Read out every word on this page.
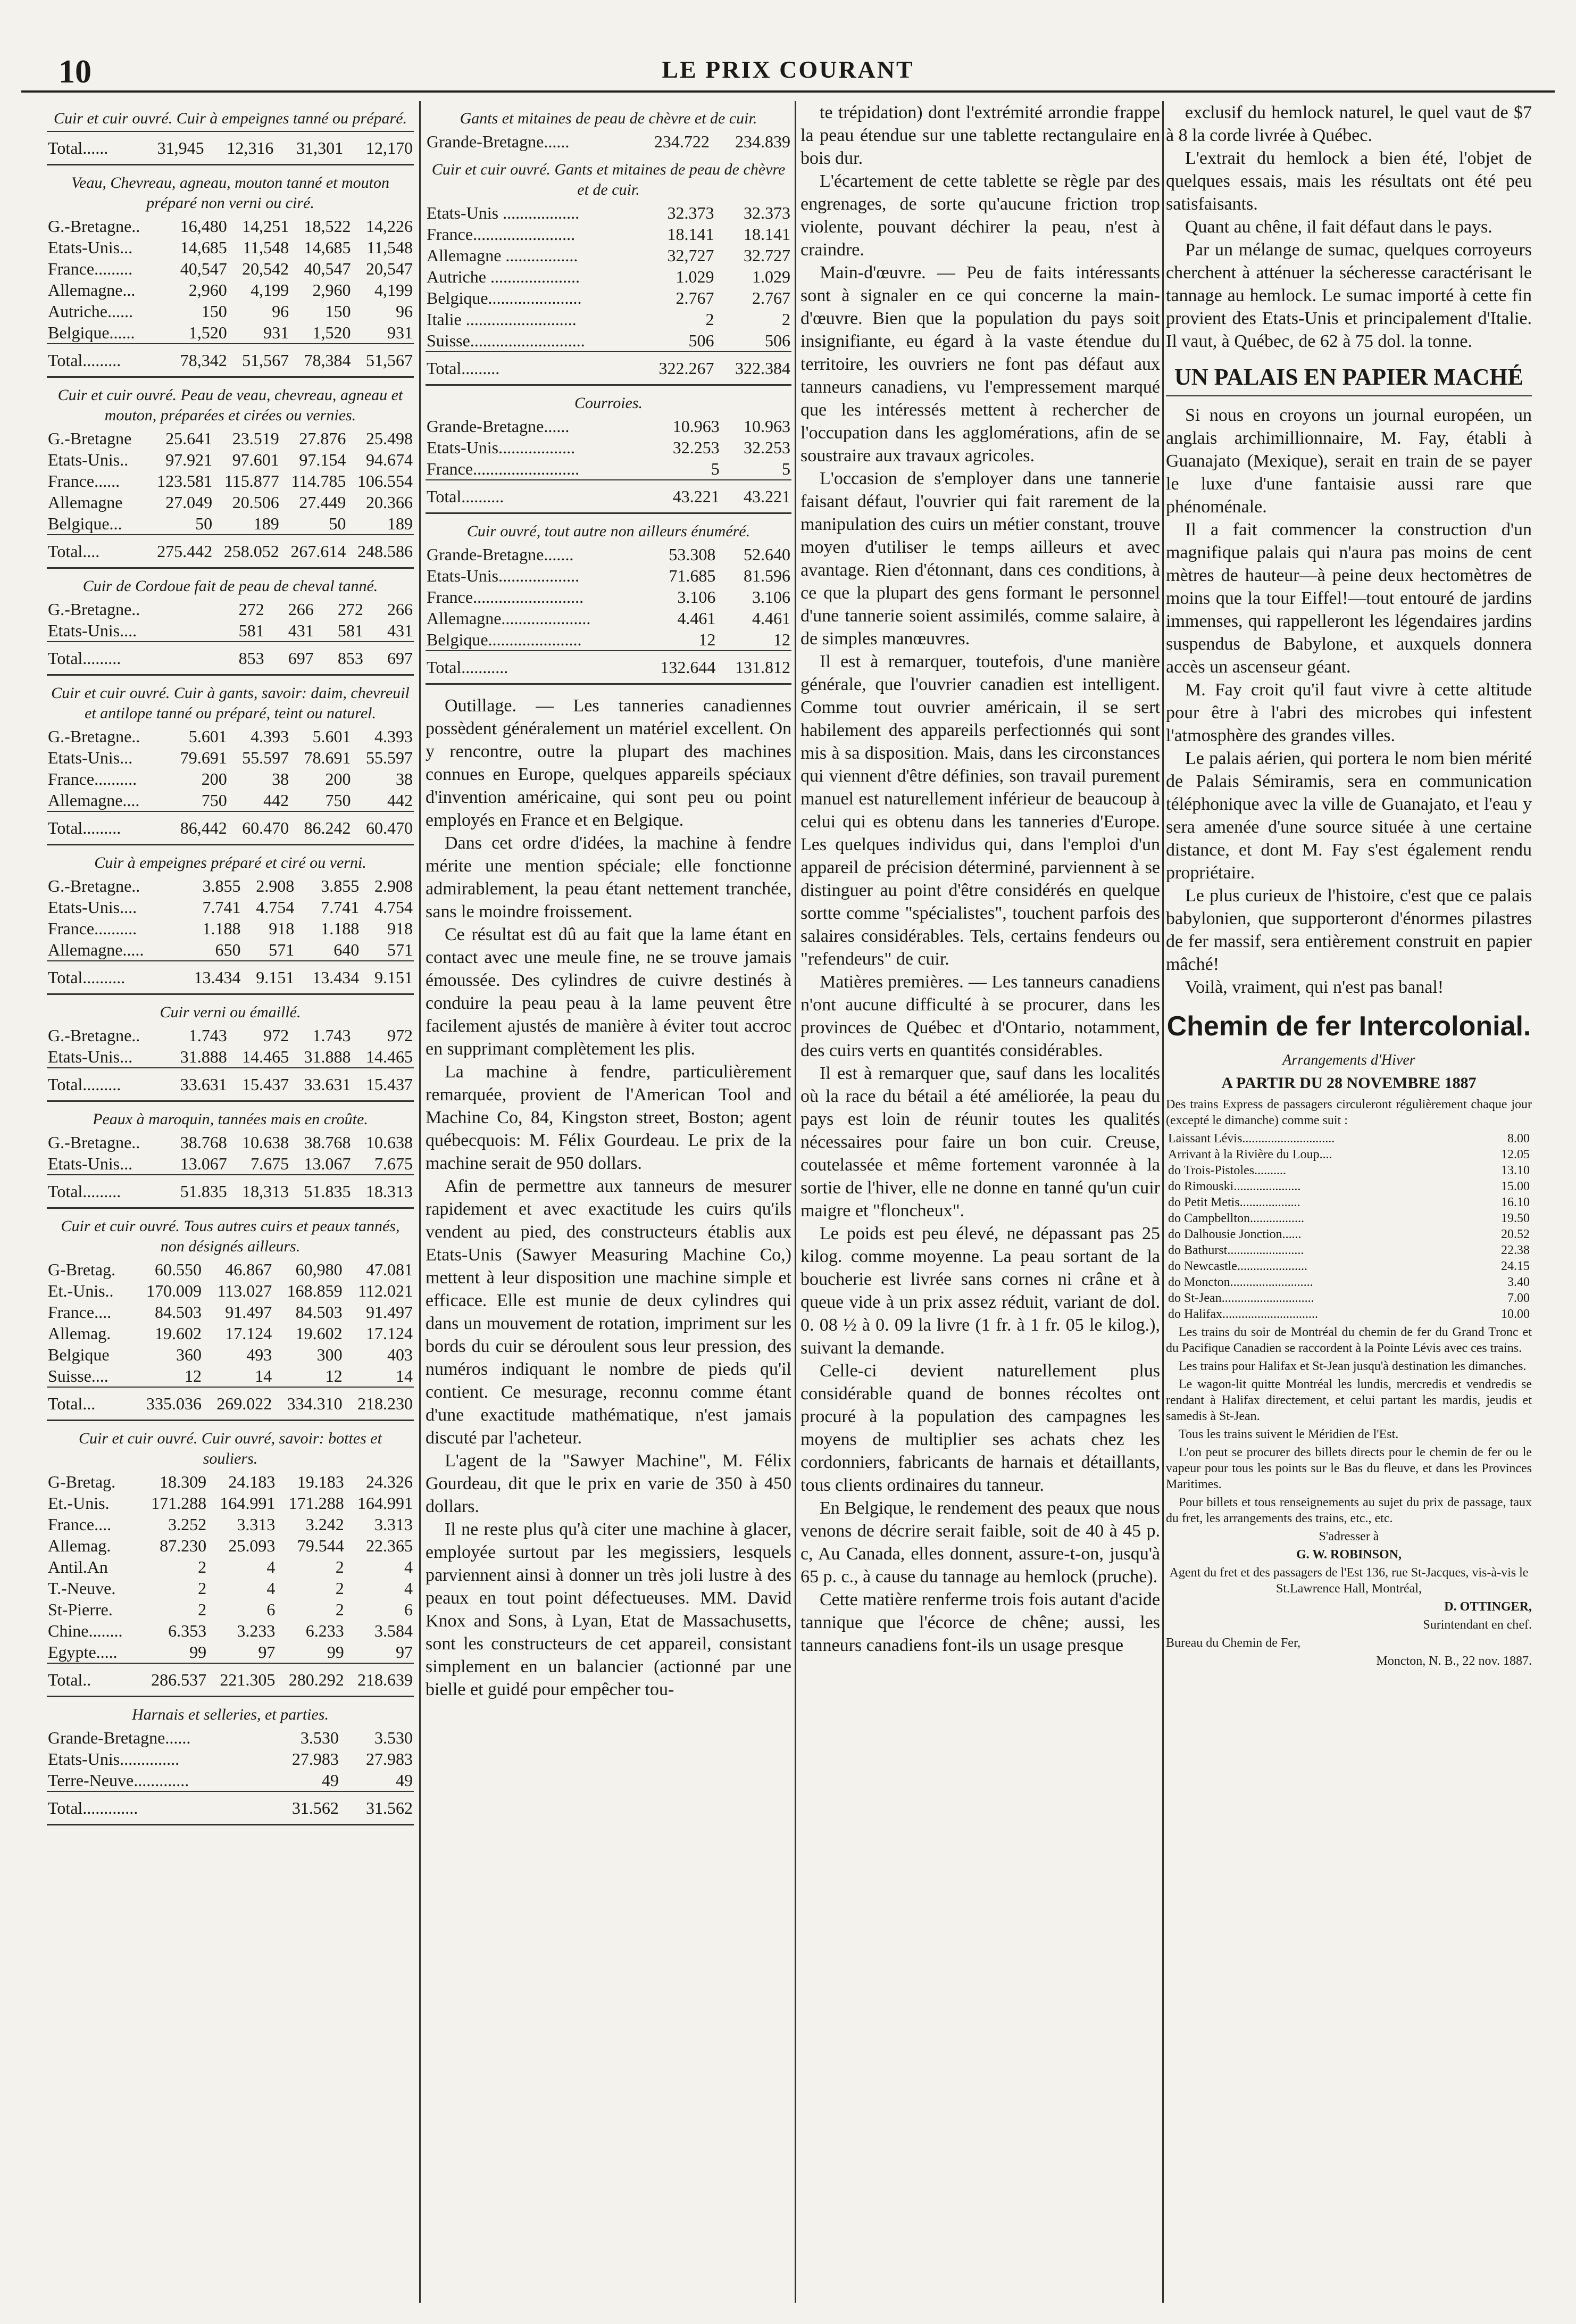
10	LE PRIX COURANT
Cuir et cuir ouvré. Cuir à empeignes tanné ou préparé.
Total......	31,945	12,316	31,301	12,170
Veau, Chevreau, agneau, mouton tanné et mouton préparé non verni ou ciré.
G.-Bretagne..	16,480	14,251	18,522	14,226
Etats-Unis...	14,685	11,548	14,685	11,548
France.........	40,547	20,542	40,547	20,547
Allemagne...	2,960	4,199	2,960	4,199
Autriche......	150	96	150	96
Belgique......	1,520	931	1,520	931
Total.........	78,342	51,567	78,384	51,567
Cuir et cuir ouvré. Peau de veau, chevreau, agneau et mouton, préparées et cirées ou vernies.
G.-Bretagne	25.641	23.519	27.876	25.498
Etats-Unis..	97.921	97.601	97.154	94.674
France......	123.581	115.877	114.785	106.554
Allemagne	27.049	20.506	27.449	20.366
Belgique...	50	189	50	189
Total....	275.442	258.052	267.614	248.586
Cuir de Cordoue fait de peau de cheval tanné.
G.-Bretagne..	272	266	272	266
Etats-Unis....	581	431	581	431
Total.........	853	697	853	697
Cuir et cuir ouvré. Cuir à gants, savoir: daim, chevreuil et antilope tanné ou préparé, teint ou naturel.
G.-Bretagne..	5.601	4.393	5.601	4.393
Etats-Unis...	79.691	55.597	78.691	55.597
France..........	200	38	200	38
Allemagne....	750	442	750	442
Total.........	86,442	60.470	86.242	60.470
Cuir à empeignes préparé et ciré ou verni.
G.-Bretagne..	3.855	2.908	3.855	2.908
Etats-Unis....	7.741	4.754	7.741	4.754
France..........	1.188	918	1.188	918
Allemagne.....	650	571	640	571
Total..........	13.434	9.151	13.434	9.151
Cuir verni ou émaillé.
G.-Bretagne..	1.743	972	1.743	972
Etats-Unis...	31.888	14.465	31.888	14.465
Total.........	33.631	15.437	33.631	15.437
Peaux à maroquin, tannées mais en croûte.
G.-Bretagne..	38.768	10.638	38.768	10.638
Etats-Unis...	13.067	7.675	13.067	7.675
Total.........	51.835	18,313	51.835	18.313
Cuir et cuir ouvré. Tous autres cuirs et peaux tannés, non désignés ailleurs.
G-Bretag.	60.550	46.867	60,980	47.081
Et.-Unis..	170.009	113.027	168.859	112.021
France....	84.503	91.497	84.503	91.497
Allemag.	19.602	17.124	19.602	17.124
Belgique	360	493	300	403
Suisse....	12	14	12	14
Total...	335.036	269.022	334.310	218.230
Cuir et cuir ouvré. Cuir ouvré, savoir: bottes et souliers.
G-Bretag.	18.309	24.183	19.183	24.326
Et.-Unis.	171.288	164.991	171.288	164.991
France....	3.252	3.313	3.242	3.313
Allemag.	87.230	25.093	79.544	22.365
Antil.An	2	4	2	4
T.-Neuve.	2	4	2	4
St-Pierre.	2	6	2	6
Chine........	6.353	3.233	6.233	3.584
Egypte.....	99	97	99	97
Total..	286.537	221.305	280.292	218.639
Harnais et selleries, et parties.
Grande-Bretagne......	3.530	3.530
Etats-Unis..............	27.983	27.983
Terre-Neuve.............	49	49
Total.............	31.562	31.562
Gants et mitaines de peau de chèvre et de cuir.
Grande-Bretagne......	234.722	234.839
Cuir et cuir ouvré. Gants et mitaines de peau de chèvre et de cuir.
Etats-Unis ..................	32.373	32.373
France........................	18.141	18.141
Allemagne .................	32,727	32.727
Autriche .....................	1.029	1.029
Belgique......................	2.767	2.767
Italie ..........................	2	2
Suisse...........................	506	506
Total.........	322.267	322.384
Courroies.
Grande-Bretagne......	10.963	10.963
Etats-Unis..................	32.253	32.253
France.........................	5	5
Total..........	43.221	43.221
Cuir ouvré, tout autre non ailleurs énuméré.
Grande-Bretagne.......	53.308	52.640
Etats-Unis...................	71.685	81.596
France..........................	3.106	3.106
Allemagne.....................	4.461	4.461
Belgique......................	12	12
Total...........	132.644	131.812

Outillage. — Les tanneries canadiennes possèdent généralement un matériel excellent. On y rencontre, outre la plupart des machines connues en Europe, quelques appareils spéciaux d'invention américaine, qui sont peu ou point employés en France et en Belgique.

Dans cet ordre d'idées, la machine à fendre mérite une mention spéciale; elle fonctionne admirablement, la peau étant nettement tranchée, sans le moindre froissement.

Ce résultat est dû au fait que la lame étant en contact avec une meule fine, ne se trouve jamais émoussée. Des cylindres de cuivre destinés à conduire la peau peau à la lame peuvent être facilement ajustés de manière à éviter tout accroc en supprimant complètement les plis.

La machine à fendre, particulièrement remarquée, provient de l'American Tool and Machine Co, 84, Kingston street, Boston; agent québecquois: M. Félix Gourdeau. Le prix de la machine serait de 950 dollars.

Afin de permettre aux tanneurs de mesurer rapidement et avec exactitude les cuirs qu'ils vendent au pied, des constructeurs établis aux Etats-Unis (Sawyer Measuring Machine Co,) mettent à leur disposition une machine simple et efficace. Elle est munie de deux cylindres qui dans un mouvement de rotation, impriment sur les bords du cuir se déroulent sous leur pression, des numéros indiquant le nombre de pieds qu'il contient. Ce mesurage, reconnu comme étant d'une exactitude mathématique, n'est jamais discuté par l'acheteur.

L'agent de la "Sawyer Machine", M. Félix Gourdeau, dit que le prix en varie de 350 à 450 dollars.

Il ne reste plus qu'à citer une machine à glacer, employée surtout par les megissiers, lesquels parviennent ainsi à donner un très joli lustre à des peaux en tout point défectueuses. MM. David Knox and Sons, à Lyan, Etat de Massachusetts, sont les constructeurs de cet appareil, consistant simplement en un balancier (actionné par une bielle et guidé pour empêcher tou-

te trépidation) dont l'extrémité arrondie frappe la peau étendue sur une tablette rectangulaire en bois dur.

L'écartement de cette tablette se règle par des engrenages, de sorte qu'aucune friction trop violente, pouvant déchirer la peau, n'est à craindre.

Main-d'œuvre. — Peu de faits intéressants sont à signaler en ce qui concerne la main-d'œuvre. Bien que la population du pays soit insignifiante, eu égard à la vaste étendue du territoire, les ouvriers ne font pas défaut aux tanneurs canadiens, vu l'empressement marqué que les intéressés mettent à rechercher de l'occupation dans les agglomérations, afin de se soustraire aux travaux agricoles.

L'occasion de s'employer dans une tannerie faisant défaut, l'ouvrier qui fait rarement de la manipulation des cuirs un métier constant, trouve moyen d'utiliser le temps ailleurs et avec avantage. Rien d'étonnant, dans ces conditions, à ce que la plupart des gens formant le personnel d'une tannerie soient assimilés, comme salaire, à de simples manœuvres.

Il est à remarquer, toutefois, d'une manière générale, que l'ouvrier canadien est intelligent. Comme tout ouvrier américain, il se sert habilement des appareils perfectionnés qui sont mis à sa disposition. Mais, dans les circonstances qui viennent d'être définies, son travail purement manuel est naturellement inférieur de beaucoup à celui qui es obtenu dans les tanneries d'Europe. Les quelques individus qui, dans l'emploi d'un appareil de précision déterminé, parviennent à se distinguer au point d'être considérés en quelque sortte comme "spécialistes", touchent parfois des salaires considérables. Tels, certains fendeurs ou "refendeurs" de cuir.

Matières premières. — Les tanneurs canadiens n'ont aucune difficulté à se procurer, dans les provinces de Québec et d'Ontario, notamment, des cuirs verts en quantités considérables.

Il est à remarquer que, sauf dans les localités où la race du bétail a été améliorée, la peau du pays est loin de réunir toutes les qualités nécessaires pour faire un bon cuir. Creuse, coutelassée et même fortement varonnée à la sortie de l'hiver, elle ne donne en tanné qu'un cuir maigre et "floncheux".

Le poids est peu élevé, ne dépassant pas 25 kilog. comme moyenne. La peau sortant de la boucherie est livrée sans cornes ni crâne et à queue vide à un prix assez réduit, variant de dol. 0. 08 ½ à 0. 09 la livre (1 fr. à 1 fr. 05 le kilog.), suivant la demande.

Celle-ci devient naturellement plus considérable quand de bonnes récoltes ont procuré à la population des campagnes les moyens de multiplier ses achats chez les cordonniers, fabricants de harnais et détaillants, tous clients ordinaires du tanneur.

En Belgique, le rendement des peaux que nous venons de décrire serait faible, soit de 40 à 45 p. c, Au Canada, elles donnent, assure-t-on, jusqu'à 65 p. c., à cause du tannage au hemlock (pruche).

Cette matière renferme trois fois autant d'acide tannique que l'écorce de chêne; aussi, les tanneurs canadiens font-ils un usage presque

exclusif du hemlock naturel, le quel vaut de $7 à 8 la corde livrée à Québec.

L'extrait du hemlock a bien été, l'objet de quelques essais, mais les résultats ont été peu satisfaisants.

Quant au chêne, il fait défaut dans le pays.

Par un mélange de sumac, quelques corroyeurs cherchent à atténuer la sécheresse caractérisant le tannage au hemlock. Le sumac importé à cette fin provient des Etats-Unis et principalement d'Italie. Il vaut, à Québec, de 62 à 75 dol. la tonne.

UN PALAIS EN PAPIER MACHÉ

Si nous en croyons un journal européen, un anglais archimillionnaire, M. Fay, établi à Guanajato (Mexique), serait en train de se payer le luxe d'une fantaisie aussi rare que phénoménale.

Il a fait commencer la construction d'un magnifique palais qui n'aura pas moins de cent mètres de hauteur—à peine deux hectomètres de moins que la tour Eiffel!—tout entouré de jardins immenses, qui rappelleront les légendaires jardins suspendus de Babylone, et auxquels donnera accès un ascenseur géant.

M. Fay croit qu'il faut vivre à cette altitude pour être à l'abri des microbes qui infestent l'atmosphère des grandes villes.

Le palais aérien, qui portera le nom bien mérité de Palais Sémiramis, sera en communication téléphonique avec la ville de Guanajato, et l'eau y sera amenée d'une source située à une certaine distance, et dont M. Fay s'est également rendu propriétaire.

Le plus curieux de l'histoire, c'est que ce palais babylonien, que supporteront d'énormes pilastres de fer massif, sera entièrement construit en papier mâché!

Voilà, vraiment, qui n'est pas banal!

Chemin de fer Intercolonial.

Arrangements d'Hiver

A PARTIR DU 28 NOVEMBRE 1887

Des trains Express de passagers circuleront régulièrement chaque jour (excepté le dimanche) comme suit :
Laissant Lévis.............................	8.00
Arrivant à la Rivière du Loup....	12.05
do Trois-Pistoles..........	13.10
do Rimouski.....................	15.00
do Petit Metis...................	16.10
do Campbellton.................	19.50
do Dalhousie Jonction......	20.52
do Bathurst........................	22.38
do Newcastle......................	24.15
do Moncton..........................	3.40
do St-Jean.............................	7.00
do Halifax..............................	10.00
Les trains du soir de Montréal du chemin de fer du Grand Tronc et du Pacifique Canadien se raccordent à la Pointe Lévis avec ces trains.
Les trains pour Halifax et St-Jean jusqu'à destination les dimanches.
Le wagon-lit quitte Montréal les lundis, mercredis et vendredis se rendant à Halifax directement, et celui partant les mardis, jeudis et samedis à St-Jean.
Tous les trains suivent le Méridien de l'Est.
L'on peut se procurer des billets directs pour le chemin de fer ou le vapeur pour tous les points sur le Bas du fleuve, et dans les Provinces Maritimes.
Pour billets et tous renseignements au sujet du prix de passage, taux du fret, les arrangements des trains, etc., etc.
S'adresser à
G. W. ROBINSON,
Agent du fret et des passagers de l'Est 136, rue St-Jacques, vis-à-vis le St.Lawrence Hall, Montréal,
D. OTTINGER,
Surintendant en chef.
Bureau du Chemin de Fer,
Moncton, N. B., 22 nov. 1887.
